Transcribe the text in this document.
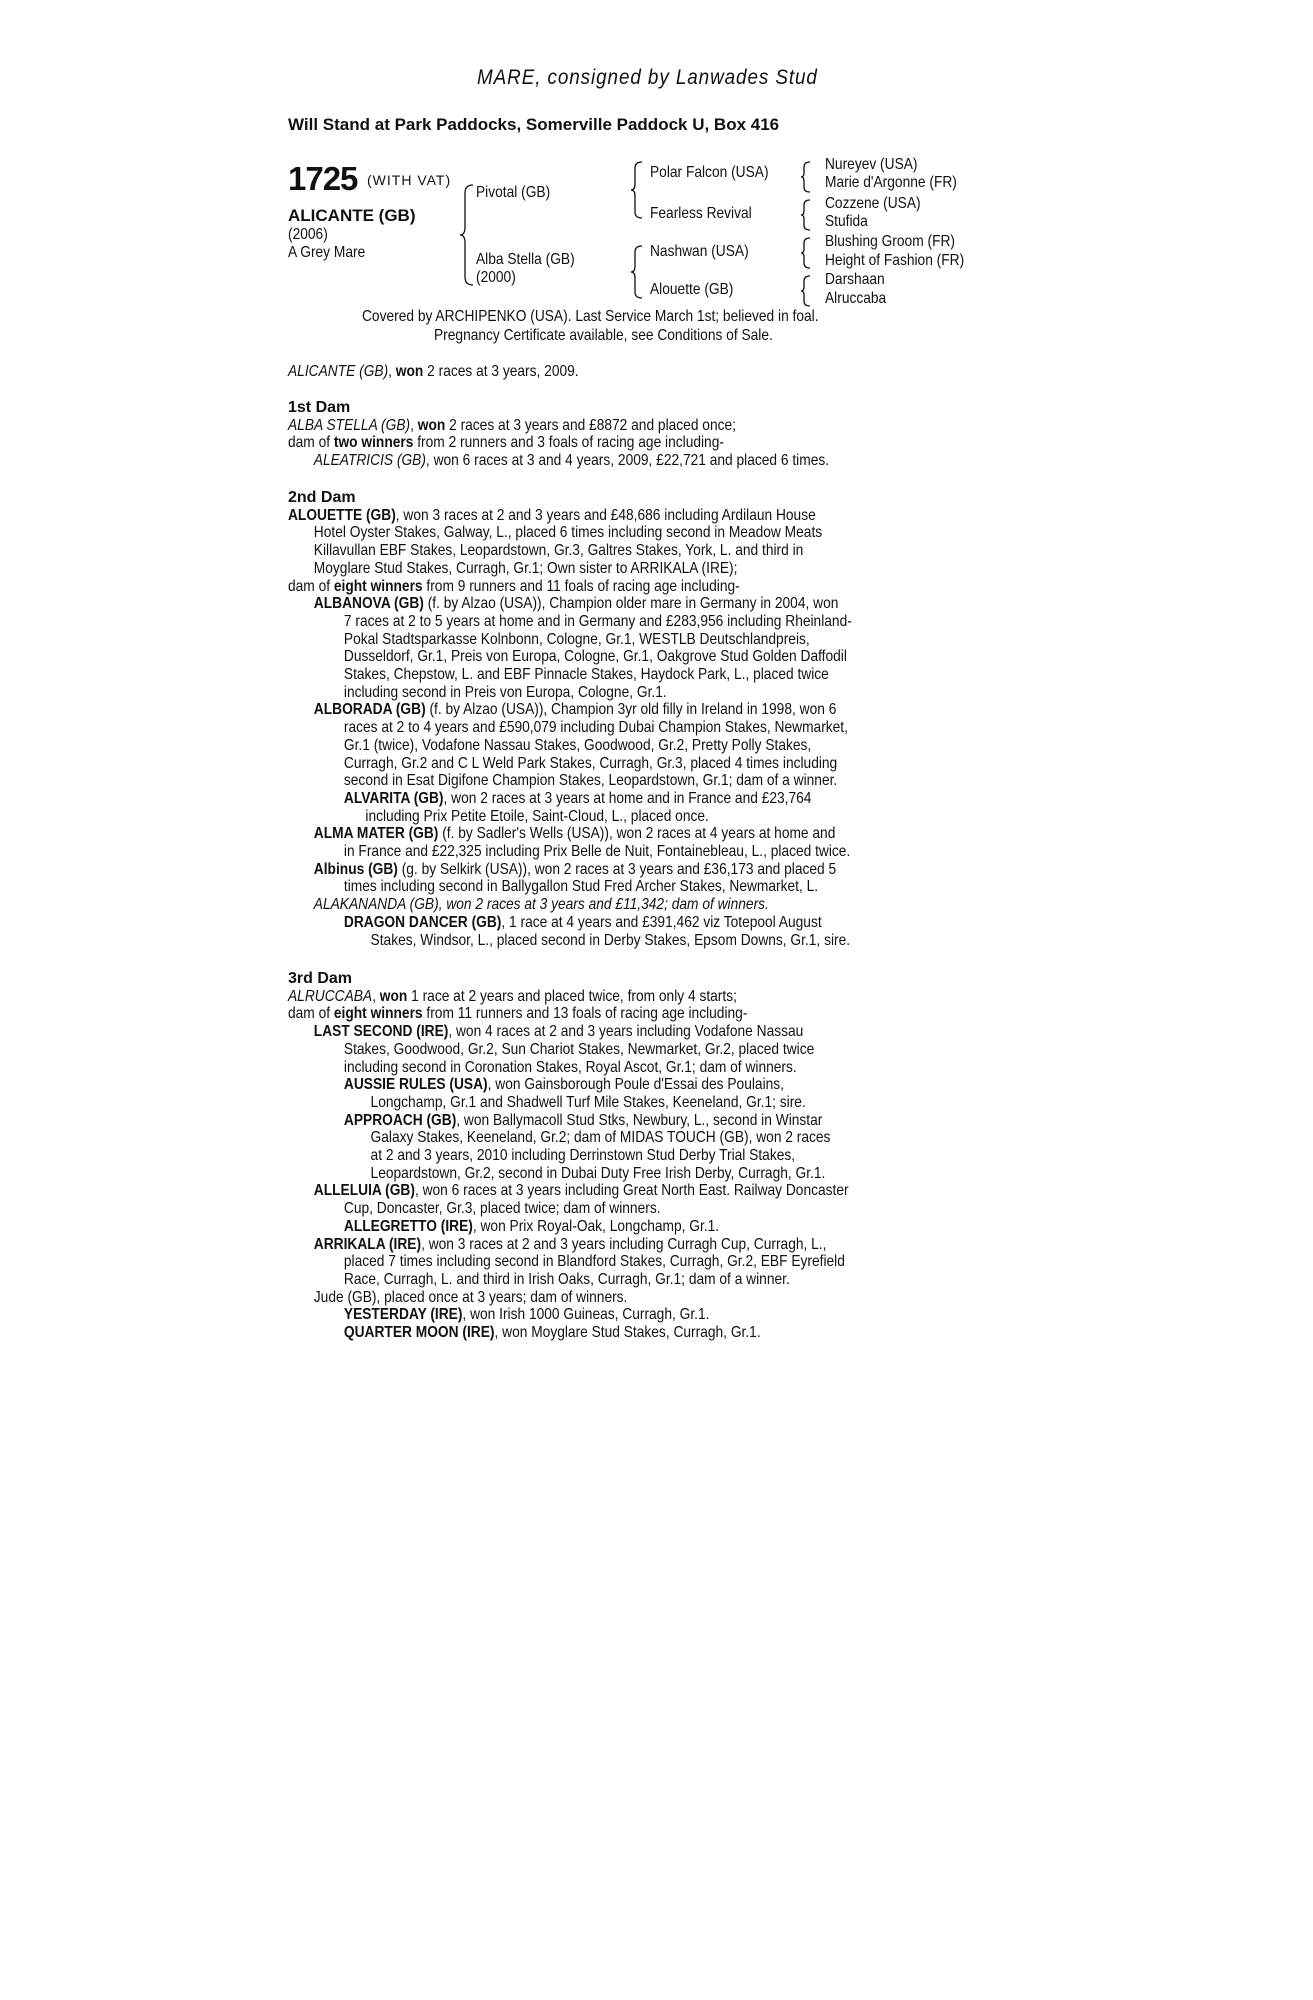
MARE, consigned by Lanwades Stud
Will Stand at Park Paddocks, Somerville Paddock U, Box 416
1725 (WITH VAT)
ALICANTE (GB)
(2006)
A Grey Mare
Pivotal (GB)
Alba Stella (GB)
(2000)
Polar Falcon (USA)
Fearless Revival
Nashwan (USA)
Alouette (GB)
Nureyev (USA)
Marie d'Argonne (FR)
Cozzene (USA)
Stufida
Blushing Groom (FR)
Height of Fashion (FR)
Darshaan
Alruccaba
Covered by ARCHIPENKO (USA). Last Service March 1st; believed in foal.
Pregnancy Certificate available, see Conditions of Sale.
ALICANTE (GB), won 2 races at 3 years, 2009.
1st Dam
ALBA STELLA (GB), won 2 races at 3 years and £8872 and placed once;
dam of two winners from 2 runners and 3 foals of racing age including-
ALEATRICIS (GB), won 6 races at 3 and 4 years, 2009, £22,721 and placed 6 times.
2nd Dam
ALOUETTE (GB), won 3 races at 2 and 3 years and £48,686 including Ardilaun House
Hotel Oyster Stakes, Galway, L., placed 6 times including second in Meadow Meats
Killavullan EBF Stakes, Leopardstown, Gr.3, Galtres Stakes, York, L. and third in
Moyglare Stud Stakes, Curragh, Gr.1; Own sister to ARRIKALA (IRE);
dam of eight winners from 9 runners and 11 foals of racing age including-
ALBANOVA (GB) (f. by Alzao (USA)), Champion older mare in Germany in 2004, won
7 races at 2 to 5 years at home and in Germany and £283,956 including Rheinland-
Pokal Stadtsparkasse Kolnbonn, Cologne, Gr.1, WESTLB Deutschlandpreis,
Dusseldorf, Gr.1, Preis von Europa, Cologne, Gr.1, Oakgrove Stud Golden Daffodil
Stakes, Chepstow, L. and EBF Pinnacle Stakes, Haydock Park, L., placed twice
including second in Preis von Europa, Cologne, Gr.1.
ALBORADA (GB) (f. by Alzao (USA)), Champion 3yr old filly in Ireland in 1998, won 6
races at 2 to 4 years and £590,079 including Dubai Champion Stakes, Newmarket,
Gr.1 (twice), Vodafone Nassau Stakes, Goodwood, Gr.2, Pretty Polly Stakes,
Curragh, Gr.2 and C L Weld Park Stakes, Curragh, Gr.3, placed 4 times including
second in Esat Digifone Champion Stakes, Leopardstown, Gr.1; dam of a winner.
ALVARITA (GB), won 2 races at 3 years at home and in France and £23,764
including Prix Petite Etoile, Saint-Cloud, L., placed once.
ALMA MATER (GB) (f. by Sadler's Wells (USA)), won 2 races at 4 years at home and
in France and £22,325 including Prix Belle de Nuit, Fontainebleau, L., placed twice.
Albinus (GB) (g. by Selkirk (USA)), won 2 races at 3 years and £36,173 and placed 5
times including second in Ballygallon Stud Fred Archer Stakes, Newmarket, L.
ALAKANANDA (GB), won 2 races at 3 years and £11,342; dam of winners.
DRAGON DANCER (GB), 1 race at 4 years and £391,462 viz Totepool August
Stakes, Windsor, L., placed second in Derby Stakes, Epsom Downs, Gr.1, sire.
3rd Dam
ALRUCCABA, won 1 race at 2 years and placed twice, from only 4 starts;
dam of eight winners from 11 runners and 13 foals of racing age including-
LAST SECOND (IRE), won 4 races at 2 and 3 years including Vodafone Nassau
Stakes, Goodwood, Gr.2, Sun Chariot Stakes, Newmarket, Gr.2, placed twice
including second in Coronation Stakes, Royal Ascot, Gr.1; dam of winners.
AUSSIE RULES (USA), won Gainsborough Poule d'Essai des Poulains,
Longchamp, Gr.1 and Shadwell Turf Mile Stakes, Keeneland, Gr.1; sire.
APPROACH (GB), won Ballymacoll Stud Stks, Newbury, L., second in Winstar
Galaxy Stakes, Keeneland, Gr.2; dam of MIDAS TOUCH (GB), won 2 races
at 2 and 3 years, 2010 including Derrinstown Stud Derby Trial Stakes,
Leopardstown, Gr.2, second in Dubai Duty Free Irish Derby, Curragh, Gr.1.
ALLELUIA (GB), won 6 races at 3 years including Great North East. Railway Doncaster
Cup, Doncaster, Gr.3, placed twice; dam of winners.
ALLEGRETTO (IRE), won Prix Royal-Oak, Longchamp, Gr.1.
ARRIKALA (IRE), won 3 races at 2 and 3 years including Curragh Cup, Curragh, L.,
placed 7 times including second in Blandford Stakes, Curragh, Gr.2, EBF Eyrefield
Race, Curragh, L. and third in Irish Oaks, Curragh, Gr.1; dam of a winner.
Jude (GB), placed once at 3 years; dam of winners.
YESTERDAY (IRE), won Irish 1000 Guineas, Curragh, Gr.1.
QUARTER MOON (IRE), won Moyglare Stud Stakes, Curragh, Gr.1.
